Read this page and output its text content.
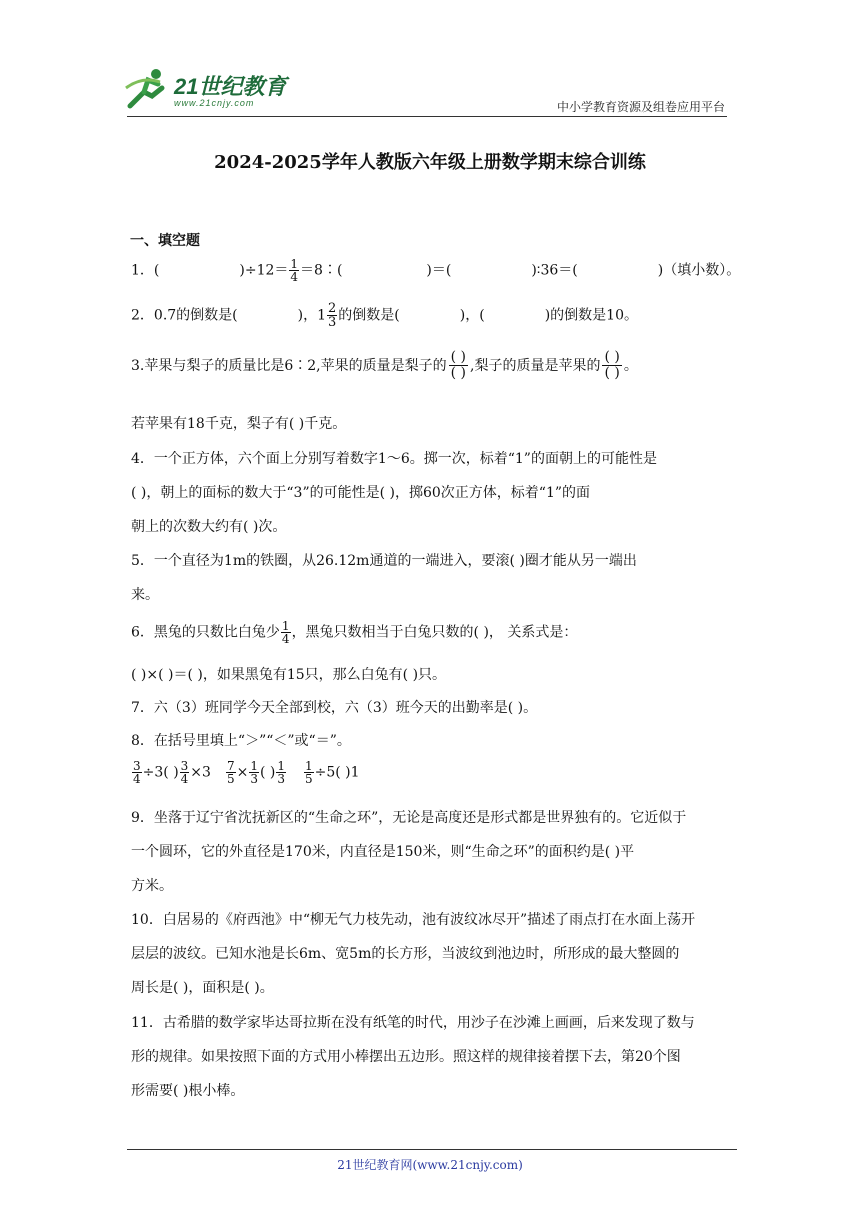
21世纪教育
www.21cnjy.com	中小学教育资源及组卷应用平台
2024-2025学年人教版六年级上册数学期末综合训练
一、填空题
1．(	)$\div 12= \frac{1}{4}$ ＝8∶(	)＝(	)∶36＝(	)（填小数）。
2．0.7的倒数是(	)，$1 \frac{2}{3}$ 的倒数是(	)，(	)的倒数是10。
3.苹果与梨子的质量比是6∶2,苹果的质量是梨子的
( )
( ) ,梨子的质量是苹果的
( )
( ) 。
若苹果有18千克，梨子有( )千克。
4．一个正方体，六个面上分别写着数字1～6。掷一次，标着“1”的面朝上的可能性是
( )，朝上的面标的数大于“3”的可能性是( )，掷60次正方体，标着“1”的面
朝上的次数大约有( )次。
5．一个直径为1m的铁圈，从26.12m通道的一端进入，要滚( )圈才能从另一端出
来。
6．黑兔的只数比白兔少 $\frac{1}{4}$ ，黑兔只数相当于白兔只数的( )， 关系式是：
( )×( )＝( )，如果黑兔有15只，那么白兔有( )只。
7．六（3）班同学今天全部到校，六（3）班今天的出勤率是( )。
8．在括号里填上“＞”“＜”或“＝”。
$\frac{3}{4} \div 3$( ) $\frac{3}{4} \times 3 \frac{7}{5} \times \frac{1}{3}$ ( ) $\frac{1}{3} \frac{1}{5} \div 5$( )1
9．坐落于辽宁省沈抚新区的“生命之环”，无论是高度还是形式都是世界独有的。它近似于
一个圆环，它的外直径是170米，内直径是150米，则“生命之环”的面积约是( )平
方米。
10．白居易的《府西池》中“柳无气力枝先动，池有波纹冰尽开”描述了雨点打在水面上荡开
层层的波纹。已知水池是长6m、宽5m的长方形，当波纹到池边时，所形成的最大整圆的
周长是( )，面积是( )。
11．古希腊的数学家毕达哥拉斯在没有纸笔的时代，用沙子在沙滩上画画，后来发现了数与
形的规律。如果按照下面的方式用小棒摆出五边形。照这样的规律接着摆下去，第20个图
形需要( )根小棒。
21世纪教育网(www.21cnjy.com)
